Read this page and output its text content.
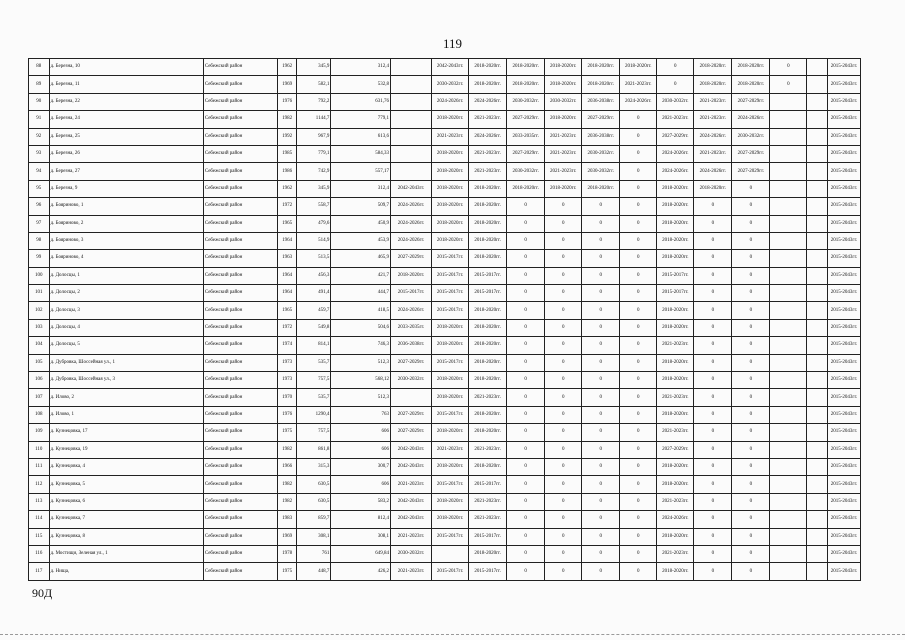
119
88	д. Березна, 10	Себежский район	1962	345,9	312,4		2042-2043гг.	2018-2020гг.	2018-2020гг.	2018-2020гг.	2018-2020гг.	2018-2020гг.	0	2018-2020гг.	2018-2020гг.	0		2015-2043гг.
89	д. Березна, 11	Себежский район	1969	582,1	532,8		2030-2032гг.	2018-2020гг.	2018-2020гг.	2018-2020гг.	2018-2020гг.	2021-2023гг.	0	2018-2020гг.	2018-2020гг.	0		2015-2043гг.
90	д. Березна, 22	Себежский район	1976	792,2	631,76		2024-2026гг.	2024-2026гг.	2030-2032гг.	2030-2032гг.	2036-2038гг.	2024-2026гг.	2030-2032гг.	2021-2023гг.	2027-2029гг.			2015-2043гг.
91	д. Березна, 24	Себежский район	1982	1144,7	779,1		2018-2020гг.	2021-2023гг.	2027-2029гг.	2018-2020гг.	2027-2029гг.	0	2021-2023гг.	2021-2023гг.	2024-2026гг.			2015-2043гг.
92	д. Березна, 25	Себежский район	1992	967,9	613,6		2021-2023гг.	2024-2026гг.	2033-2035гг.	2021-2023гг.	2036-2038гг.	0	2027-2029гг.	2024-2026гг.	2030-2032гг.			2015-2043гг.
93	д. Березна, 26	Себежский район	1985	779,1	584,33		2018-2020гг.	2021-2023гг.	2027-2029гг.	2021-2023гг.	2030-2032гг.	0	2024-2026гг.	2021-2023гг.	2027-2029гг.			2015-2043гг.
94	д. Березна, 27	Себежский район	1986	742,9	557,17		2018-2020гг.	2021-2023гг.	2030-2032гг.	2021-2023гг.	2030-2032гг.	0	2024-2026гг.	2024-2026гг.	2027-2029гг.			2015-2043гг.
95	д. Березна, 9	Себежский район	1962	345,9	312,4	2042-2043гг.	2018-2020гг.	2018-2020гг.	2018-2020гг.	2018-2020гг.	2018-2020гг.	0	2018-2020гг.	2018-2020гг.	0			2015-2043гг.
96	д. Бояриново, 1	Себежский район	1972	558,7	509,7	2024-2026гг.	2018-2020гг.	2018-2020гг.	0	0	0	0	2018-2020гг.	0	0			2015-2043гг.
97	д. Бояриново, 2	Себежский район	1965	479,6	450,9	2024-2026гг.	2018-2020гг.	2018-2020гг.	0	0	0	0	2018-2020гг.	0	0			2015-2043гг.
98	д. Бояриново, 3	Себежский район	1964	514,9	453,9	2024-2026гг.	2018-2020гг.	2018-2020гг.	0	0	0	0	2018-2020гг.	0	0			2015-2043гг.
99	д. Бояриново, 4	Себежский район	1963	513,5	465,9	2027-2029гг.	2015-2017гг.	2018-2020гг.	0	0	0	0	2018-2020гг.	0	0			2015-2043гг.
100	д. Долосцы, 1	Себежский район	1964	456,3	421,7	2018-2020гг.	2015-2017гг.	2015-2017гг.	0	0	0	0	2015-2017гг.	0	0			2015-2043гг.
101	д. Долосцы, 2	Себежский район	1964	491,4	444,7	2015-2017гг.	2015-2017гг.	2015-2017гг.	0	0	0	0	2015-2017гг.	0	0			2015-2043гг.
102	д. Долосцы, 3	Себежский район	1965	459,7	418,5	2024-2026гг.	2015-2017гг.	2018-2020гг.	0	0	0	0	2018-2020гг.	0	0			2015-2043гг.
103	д. Долосцы, 4	Себежский район	1972	549,8	504,6	2033-2035гг.	2018-2020гг.	2018-2020гг.	0	0	0	0	2018-2020гг.	0	0			2015-2043гг.
104	д. Долосцы, 5	Себежский район	1974	814,1	746,3	2036-2038гг.	2018-2020гг.	2018-2020гг.	0	0	0	0	2021-2023гг.	0	0			2015-2043гг.
105	д. Дубровка, Шоссейная ул., 1	Себежский район	1973	535,7	512,3	2027-2029гг.	2015-2017гг.	2018-2020гг.	0	0	0	0	2018-2020гг.	0	0			2015-2043гг.
106	д. Дубровка, Шоссейная ул., 3	Себежский район	1973	757,5	568,12	2030-2032гг.	2018-2020гг.	2018-2020гг.	0	0	0	0	2018-2020гг.	0	0			2015-2043гг.
107	д. Илово, 2	Себежский район	1970	535,7	512,3		2018-2020гг.	2021-2023гг.	0	0	0	0	2021-2023гг.	0	0			2015-2043гг.
108	д. Илово, 1	Себежский район	1976	1290,4	763	2027-2029гг.	2015-2017гг.	2018-2020гг.	0	0	0	0	2018-2020гг.	0	0			2015-2043гг.
109	д. Кузнецовка, 17	Себежский район	1975	757,5	606	2027-2029гг.	2018-2020гг.	2018-2020гг.	0	0	0	0	2021-2023гг.	0	0			2015-2043гг.
110	д. Кузнецовка, 19	Себежский район	1982	861,8	606	2042-2043гг.	2021-2023гг.	2021-2023гг.	0	0	0	0	2027-2029гг.	0	0			2015-2043гг.
111	д. Кузнецовка, 4	Себежский район	1966	315,3	300,7	2042-2043гг.	2018-2020гг.	2018-2020гг.	0	0	0	0	2018-2020гг.	0	0			2015-2043гг.
112	д. Кузнецовка, 5	Себежский район	1982	630,5	606	2021-2023гг.	2015-2017гг.	2015-2017гг.	0	0	0	0	2018-2020гг.	0	0			2015-2043гг.
113	д. Кузнецовка, 6	Себежский район	1982	630,5	583,2	2042-2043гг.	2018-2020гг.	2021-2023гг.	0	0	0	0	2021-2023гг.	0	0			2015-2043гг.
114	д. Кузнецовка, 7	Себежский район	1983	859,7	812,4	2042-2043гг.	2018-2020гг.	2021-2023гг.	0	0	0	0	2024-2026гг.	0	0			2015-2043гг.
115	д. Кузнецовка, 8	Себежский район	1969	308,1	308,1	2021-2023гг.	2015-2017гг.	2015-2017гг.	0	0	0	0	2018-2020гг.	0	0			2015-2043гг.
116	д. Мостищи, Зеленая ул., 1	Себежский район	1978	761	649,84	2030-2032гг.		2018-2020гг.	0	0	0	0	2021-2023гг.	0	0			2015-2043гг.
117	д. Нища,	Себежский район	1975	448,7	426,2	2021-2023гг.	2015-2017гг.	2015-2017гг.	0	0	0	0	2018-2020гг.	0	0			2015-2043гг.
90Д
